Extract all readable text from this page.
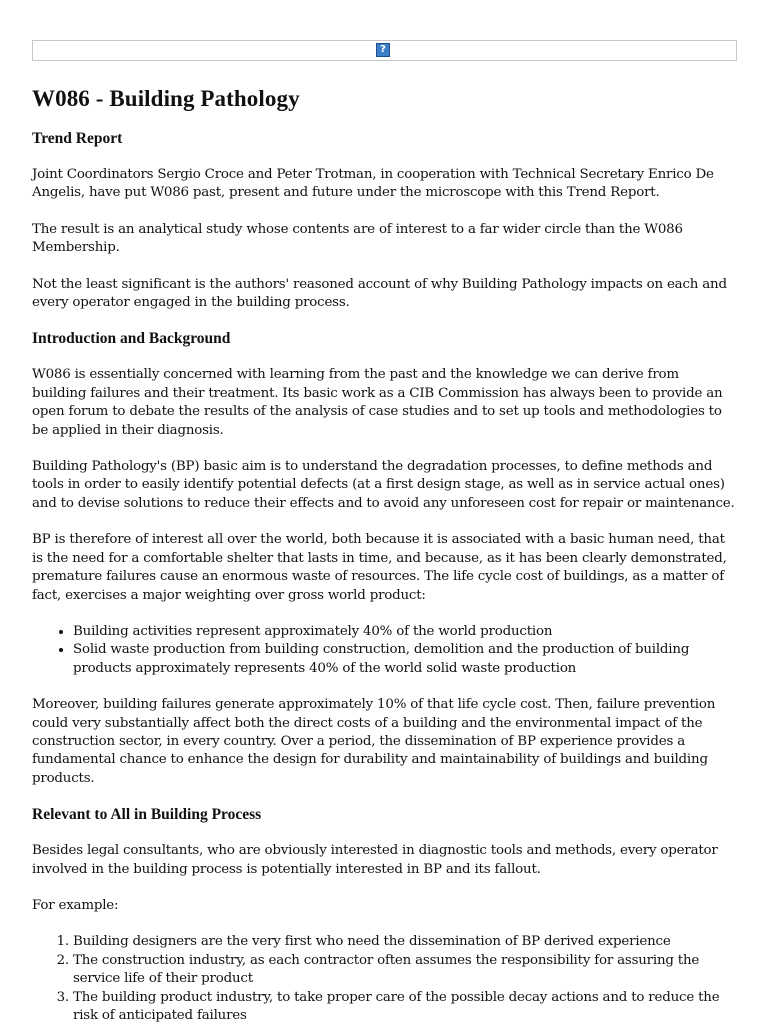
?
W086 - Building Pathology
Trend Report

Joint Coordinators Sergio Croce and Peter Trotman, in cooperation with Technical Secretary Enrico De Angelis, have put W086 past, present and future under the microscope with this Trend Report.

The result is an analytical study whose contents are of interest to a far wider circle than the W086 Membership.

Not the least significant is the authors' reasoned account of why Building Pathology impacts on each and every operator engaged in the building process.

Introduction and Background

W086 is essentially concerned with learning from the past and the knowledge we can derive from building failures and their treatment. Its basic work as a CIB Commission has always been to provide an open forum to debate the results of the analysis of case studies and to set up tools and methodologies to be applied in their diagnosis.

Building Pathology's (BP) basic aim is to understand the degradation processes, to define methods and tools in order to easily identify potential defects (at a first design stage, as well as in service actual ones) and to devise solutions to reduce their effects and to avoid any unforeseen cost for repair or maintenance.

BP is therefore of interest all over the world, both because it is associated with a basic human need, that is the need for a comfortable shelter that lasts in time, and because, as it has been clearly demonstrated, premature failures cause an enormous waste of resources. The life cycle cost of buildings, as a matter of fact, exercises a major weighting over gross world product:

• Building activities represent approximately 40% of the world production
• Solid waste production from building construction, demolition and the production of building products approximately represents 40% of the world solid waste production

Moreover, building failures generate approximately 10% of that life cycle cost. Then, failure prevention could very substantially affect both the direct costs of a building and the environmental impact of the construction sector, in every country. Over a period, the dissemination of BP experience provides a fundamental chance to enhance the design for durability and maintainability of buildings and building products.

Relevant to All in Building Process

Besides legal consultants, who are obviously interested in diagnostic tools and methods, every operator involved in the building process is potentially interested in BP and its fallout.

For example:

1. Building designers are the very first who need the dissemination of BP derived experience
2. The construction industry, as each contractor often assumes the responsibility for assuring the service life of their product
3. The building product industry, to take proper care of the possible decay actions and to reduce the risk of anticipated failures
